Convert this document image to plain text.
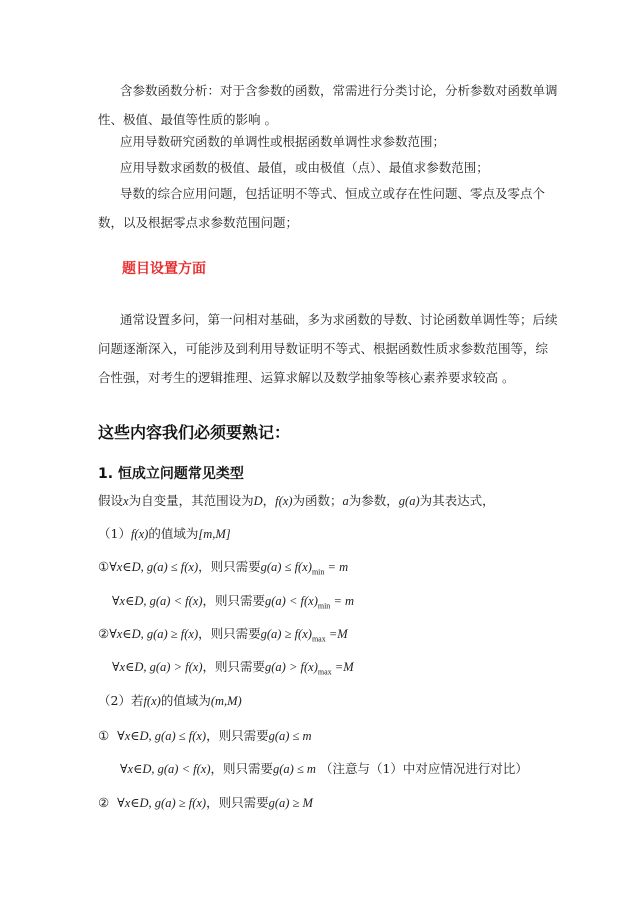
含参数函数分析：对于含参数的函数，常需进行分类讨论，分析参数对函数单调性、极值、最值等性质的影响 。

应用导数研究函数的单调性或根据函数单调性求参数范围；

应用导数求函数的极值、最值，或由极值（点）、最值求参数范围；

导数的综合应用问题，包括证明不等式、恒成立或存在性问题、零点及零点个数，以及根据零点求参数范围问题；

题目设置方面

通常设置多问，第一问相对基础，多为求函数的导数、讨论函数单调性等；后续问题逐渐深入，可能涉及到利用导数证明不等式、根据函数性质求参数范围等，综合性强，对考生的逻辑推理、运算求解以及数学抽象等核心素养要求较高 。

这些内容我们必须要熟记：
1. 恒成立问题常见类型
假设x为自变量，其范围设为D，f(x)为函数；a为参数，g(a)为其表达式，
（1）f(x)的值域为[m,M]
①∀x∈D, g(a) ≤ f(x)，则只需要$g(a) \le f(x)_{min} = m$
∀x∈D, g(a) < f(x)，则只需要$g(a) < f(x)_{min} = m$
②∀x∈D, g(a) ≥ f(x)，则只需要$g(a) \ge f(x)_{max} =M$
∀x∈D, g(a) > f(x)，则只需要$g(a) > f(x)_{max} =M$
（2）若f(x)的值域为(m,M)
① ∀x∈D, g(a) ≤ f(x)，则只需要g(a) ≤ m
∀x∈D, g(a) < f(x)，则只需要g(a) ≤ m （注意与（1）中对应情况进行对比）
② ∀x∈D, g(a) ≥ f(x)，则只需要g(a) ≥ M
